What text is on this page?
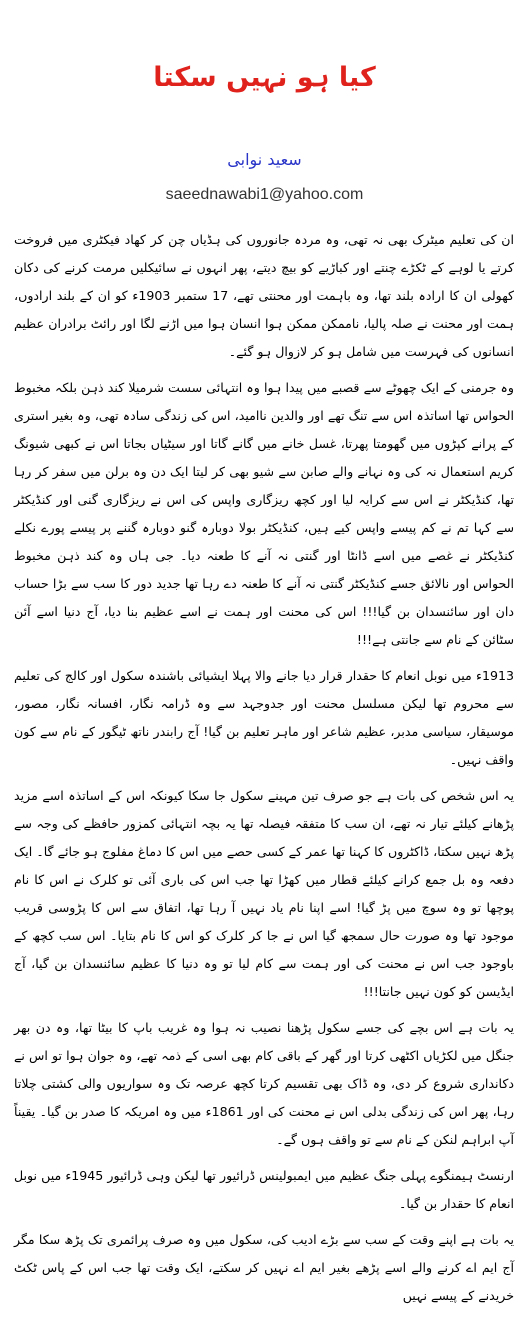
کیا ہو نہیں سکتا
سعید نوابی
saeednawabi1@yahoo.com

ان کی تعلیم میٹرک بھی نہ تھی، وہ مردہ جانوروں کی ہڈیاں چن کر کھاد فیکٹری میں فروخت کرتے یا لوہے کے ٹکڑے چنتے اور کباڑیے کو بیچ دیتے، پھر انہوں نے سائیکلیں مرمت کرنے کی دکان کھولی ان کا ارادہ بلند تھا، وہ باہمت اور محنتی تھے، 17 ستمبر 1903ء کو ان کے بلند ارادوں، ہمت اور محنت نے صلہ پالیا، ناممکن ممکن ہوا انسان ہوا میں اڑنے لگا اور رائٹ برادران عظیم انسانوں کی فہرست میں شامل ہو کر لازوال ہو گئے۔

وہ جرمنی کے ایک چھوٹے سے قصبے میں پیدا ہوا وہ انتہائی سست شرمیلا کند ذہن بلکہ مخبوط الحواس تھا اساتذہ اس سے تنگ تھے اور والدین ناامید، اس کی زندگی سادہ تھی، وہ بغیر استری کے پرانے کپڑوں میں گھومتا پھرتا، غسل خانے میں گانے گاتا اور سیٹیاں بجاتا اس نے کبھی شیونگ کریم استعمال نہ کی وہ نہانے والے صابن سے شیو بھی کر لیتا ایک دن وہ برلن میں سفر کر رہا تھا، کنڈیکٹر نے اس سے کرایہ لیا اور کچھ ریزگاری واپس کی اس نے ریزگاری گنی اور کنڈیکٹر سے کہا تم نے کم پیسے واپس کیے ہیں، کنڈیکٹر بولا دوبارہ گنو دوبارہ گننے پر پیسے پورے نکلے کنڈیکٹر نے غصے میں اسے ڈانٹا اور گنتی نہ آنے کا طعنہ دیا۔ جی ہاں وہ کند ذہن مخبوط الحواس اور نالائق جسے کنڈیکٹر گنتی نہ آنے کا طعنہ دے رہا تھا جدید دور کا سب سے بڑا حساب دان اور سائنسدان بن گیا!!! اس کی محنت اور ہمت نے اسے عظیم بنا دیا، آج دنیا اسے آئن سٹائن کے نام سے جانتی ہے!!!

1913ء میں نوبل انعام کا حقدار قرار دیا جانے والا پہلا ایشیائی باشندہ سکول اور کالج کی تعلیم سے محروم تھا لیکن مسلسل محنت اور جدوجہد سے وہ ڈرامہ نگار، افسانہ نگار، مصور، موسیقار، سیاسی مدبر، عظیم شاعر اور ماہر تعلیم بن گیا! آج رابندر ناتھ ٹیگور کے نام سے کون واقف نہیں۔

یہ اس شخص کی بات ہے جو صرف تین مہینے سکول جا سکا کیونکہ اس کے اساتذہ اسے مزید پڑھانے کیلئے تیار نہ تھے، ان سب کا متفقہ فیصلہ تھا یہ بچہ انتہائی کمزور حافظے کی وجہ سے پڑھ نہیں سکتا، ڈاکٹروں کا کہنا تھا عمر کے کسی حصے میں اس کا دماغ مفلوج ہو جائے گا۔ ایک دفعہ وہ بل جمع کرانے کیلئے قطار میں کھڑا تھا جب اس کی باری آئی تو کلرک نے اس کا نام پوچھا تو وہ سوچ میں پڑ گیا! اسے اپنا نام یاد نہیں آ رہا تھا، اتفاق سے اس کا پڑوسی قریب موجود تھا وہ صورت حال سمجھ گیا اس نے جا کر کلرک کو اس کا نام بتایا۔ اس سب کچھ کے باوجود جب اس نے محنت کی اور ہمت سے کام لیا تو وہ دنیا کا عظیم سائنسدان بن گیا، آج ایڈیسن کو کون نہیں جانتا!!!

یہ بات ہے اس بچے کی جسے سکول پڑھنا نصیب نہ ہوا وہ غریب باپ کا بیٹا تھا، وہ دن بھر جنگل میں لکڑیاں اکٹھی کرتا اور گھر کے باقی کام بھی اسی کے ذمہ تھے، وہ جوان ہوا تو اس نے دکانداری شروع کر دی، وہ ڈاک بھی تقسیم کرتا کچھ عرصہ تک وہ سواریوں والی کشتی چلاتا رہا، پھر اس کی زندگی بدلی اس نے محنت کی اور 1861ء میں وہ امریکہ کا صدر بن گیا۔ یقیناً آپ ابراہم لنکن کے نام سے تو واقف ہوں گے۔

ارنسٹ ہیمنگوے پہلی جنگ عظیم میں ایمبولینس ڈرائیور تھا لیکن وہی ڈرائیور 1945ء میں نوبل انعام کا حقدار بن گیا۔

یہ بات ہے اپنے وقت کے سب سے بڑے ادیب کی، سکول میں وہ صرف پرائمری تک پڑھ سکا مگر آج ایم اے کرنے والے اسے پڑھے بغیر ایم اے نہیں کر سکتے، ایک وقت تھا جب اس کے پاس ٹکٹ خریدنے کے پیسے نہیں
